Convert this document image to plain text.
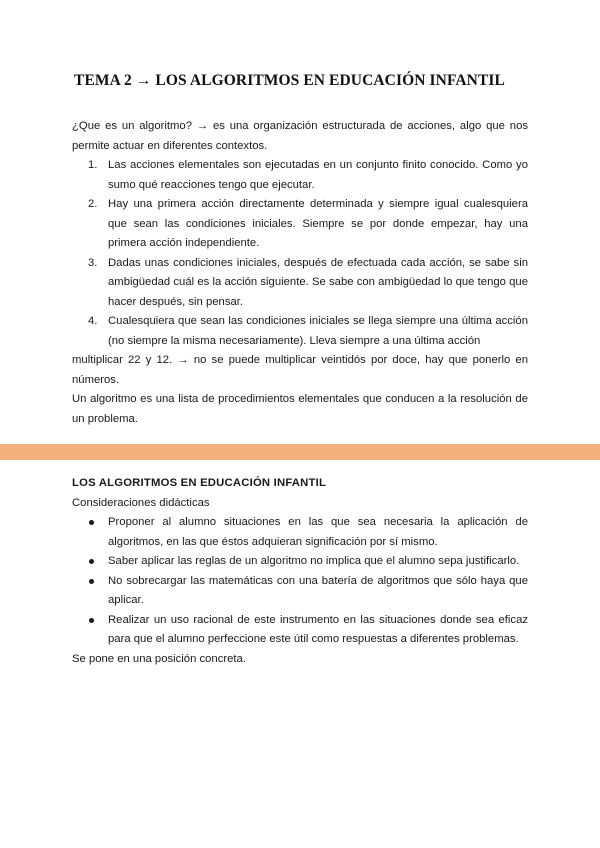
TEMA 2 → LOS ALGORITMOS EN EDUCACIÓN INFANTIL

¿Que es un algoritmo? → es una organización estructurada de acciones, algo que nos permite actuar en diferentes contextos.

Las acciones elementales son ejecutadas en un conjunto finito conocido. Como yo sumo qué reacciones tengo que ejecutar.
Hay una primera acción directamente determinada y siempre igual cualesquiera que sean las condiciones iniciales. Siempre se por donde empezar, hay una primera acción independiente.
Dadas unas condiciones iniciales, después de efectuada cada acción, se sabe sin ambigüedad cuál es la acción siguiente. Se sabe con ambigüedad lo que tengo que hacer después, sin pensar.
Cualesquiera que sean las condiciones iniciales se llega siempre una última acción (no siempre la misma necesariamente). Lleva siempre a una última acción

multiplicar 22 y 12. → no se puede multiplicar veintidós por doce, hay que ponerlo en números.

Un algoritmo es una lista de procedimientos elementales que conducen a la resolución de un problema.

LOS ALGORITMOS EN EDUCACIÓN INFANTIL

Consideraciones didácticas

Proponer al alumno situaciones en las que sea necesaria la aplicación de algoritmos, en las que éstos adquieran significación por sí mismo.
Saber aplicar las reglas de un algoritmo no implica que el alumno sepa justificarlo.
No sobrecargar las matemáticas con una batería de algoritmos que sólo haya que aplicar.
Realizar un uso racional de este instrumento en las situaciones donde sea eficaz para que el alumno perfeccione este útil como respuestas a diferentes problemas.

Se pone en una posición concreta.
